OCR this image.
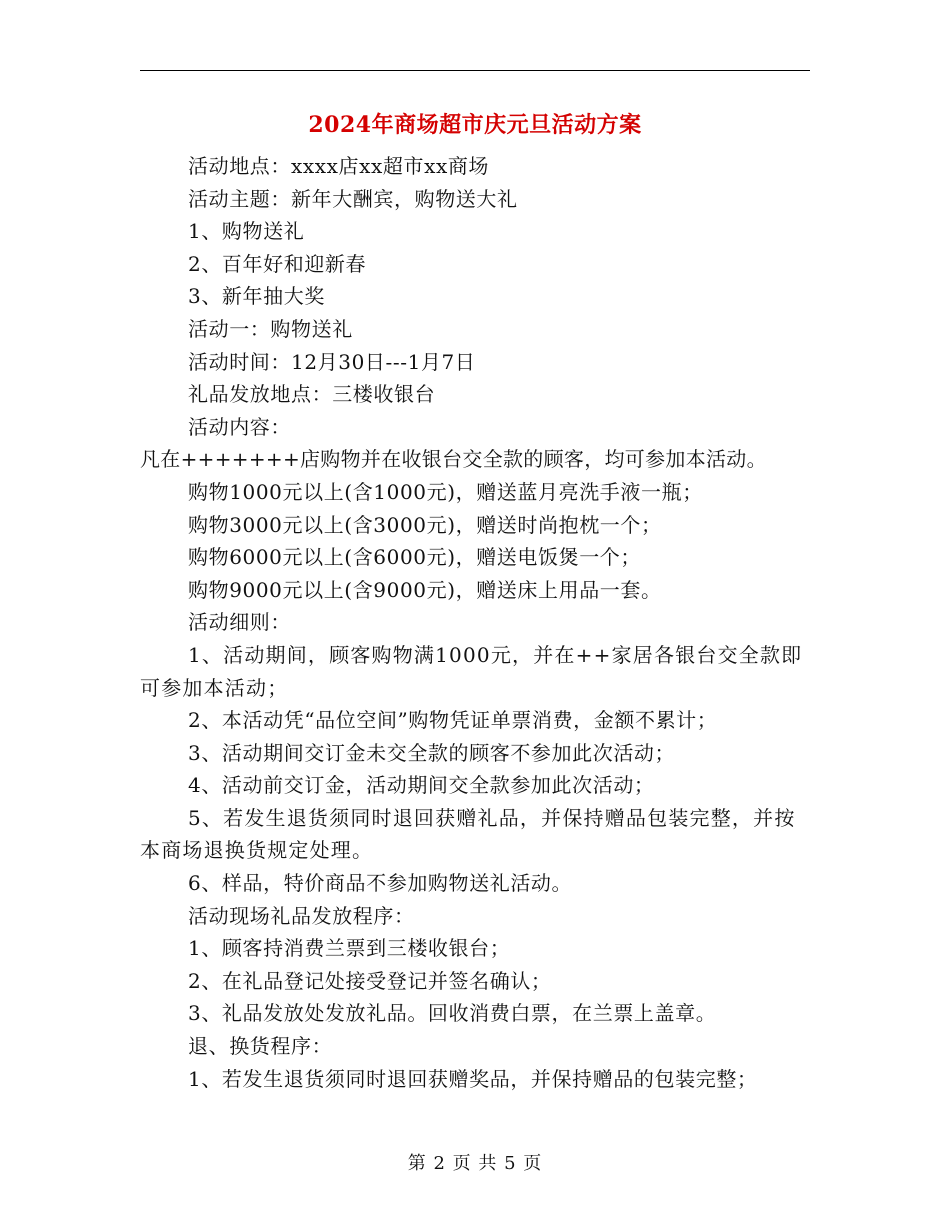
2024年商场超市庆元旦活动方案
活动地点：xxxx店xx超市xx商场
活动主题：新年大酬宾，购物送大礼
1、购物送礼
2、百年好和迎新春
3、新年抽大奖
活动一：购物送礼
活动时间：12月30日---1月7日
礼品发放地点：三楼收银台
活动内容：
凡在+++++++店购物并在收银台交全款的顾客，均可参加本活动。
购物1000元以上(含1000元)，赠送蓝月亮洗手液一瓶；
购物3000元以上(含3000元)，赠送时尚抱枕一个；
购物6000元以上(含6000元)，赠送电饭煲一个；
购物9000元以上(含9000元)，赠送床上用品一套。
活动细则：
1、活动期间，顾客购物满1000元，并在++家居各银台交全款即可参加本活动；
2、本活动凭“品位空间”购物凭证单票消费，金额不累计；
3、活动期间交订金未交全款的顾客不参加此次活动；
4、活动前交订金，活动期间交全款参加此次活动；
5、若发生退货须同时退回获赠礼品，并保持赠品包装完整，并按本商场退换货规定处理。
6、样品，特价商品不参加购物送礼活动。
活动现场礼品发放程序：
1、顾客持消费兰票到三楼收银台；
2、在礼品登记处接受登记并签名确认；
3、礼品发放处发放礼品。回收消费白票，在兰票上盖章。
退、换货程序：
1、若发生退货须同时退回获赠奖品，并保持赠品的包装完整；
第 2 页 共 5 页
